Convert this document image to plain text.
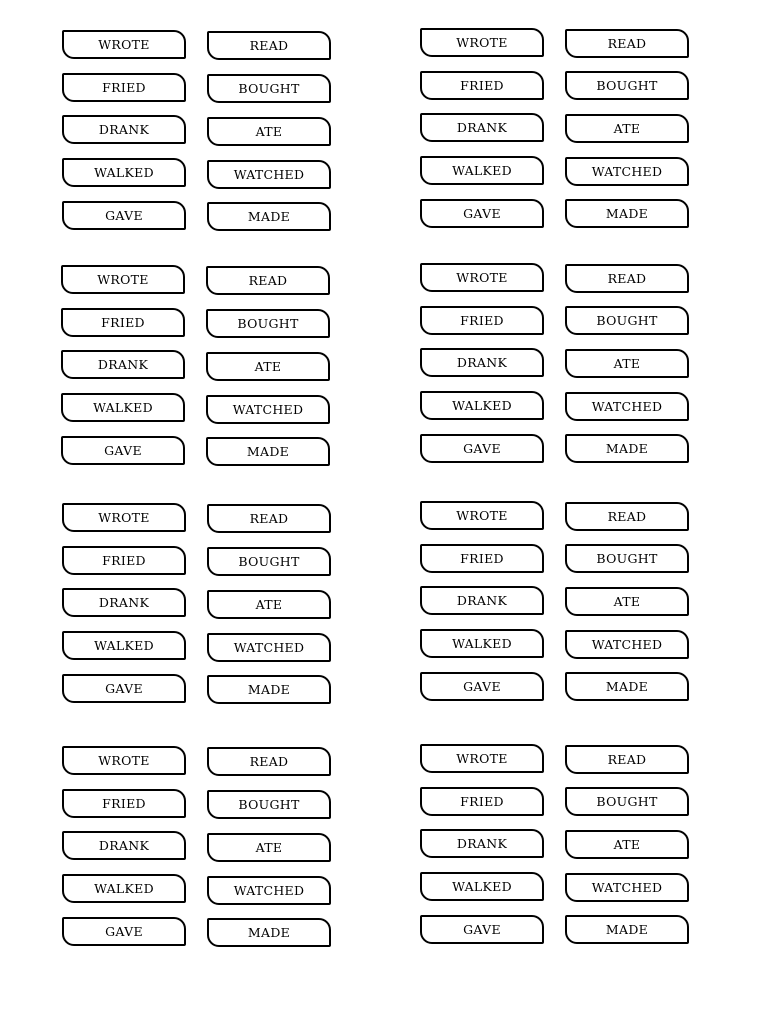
WROTE	READ
FRIED	BOUGHT
DRANK	ATE
WALKED	WATCHED
GAVE	MADE
WROTE	READ
FRIED	BOUGHT
DRANK	ATE
WALKED	WATCHED
GAVE	MADE
WROTE	READ
FRIED	BOUGHT
DRANK	ATE
WALKED	WATCHED
GAVE	MADE
WROTE	READ
FRIED	BOUGHT
DRANK	ATE
WALKED	WATCHED
GAVE	MADE
WROTE	READ
FRIED	BOUGHT
DRANK	ATE
WALKED	WATCHED
GAVE	MADE
WROTE	READ
FRIED	BOUGHT
DRANK	ATE
WALKED	WATCHED
GAVE	MADE
WROTE	READ
FRIED	BOUGHT
DRANK	ATE
WALKED	WATCHED
GAVE	MADE
WROTE	READ
FRIED	BOUGHT
DRANK	ATE
WALKED	WATCHED
GAVE	MADE
